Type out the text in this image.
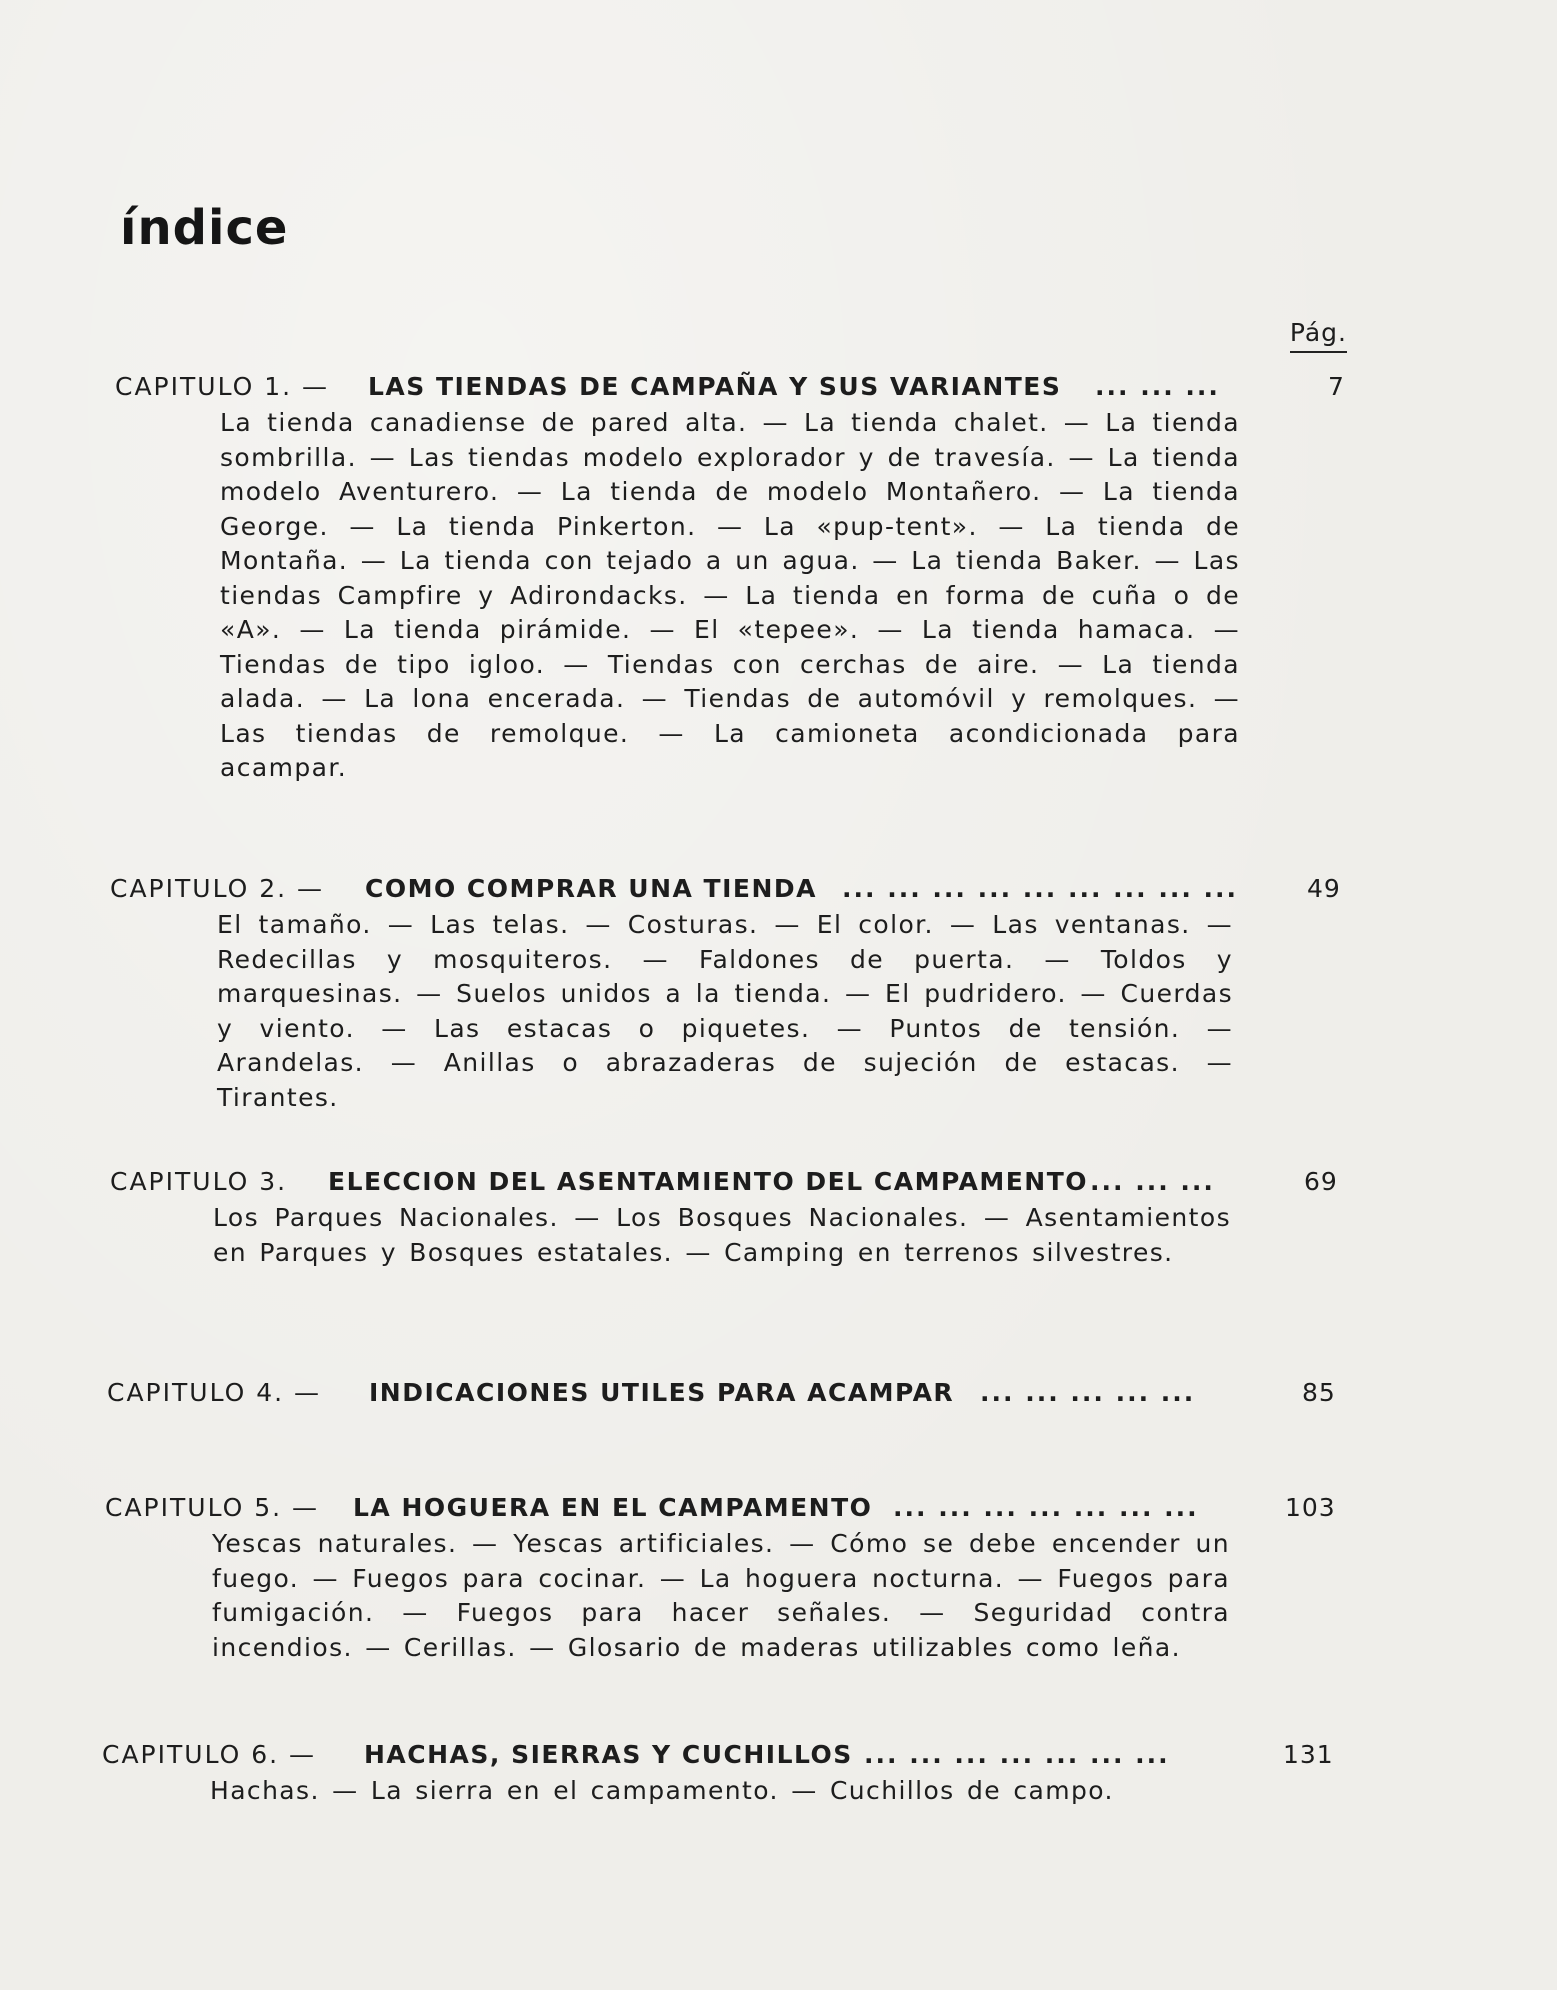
índice
Pág.
CAPITULO 1. — LAS TIENDAS DE CAMPAÑA Y SUS VARIANTES ... ... ...	7
La tienda canadiense de pared alta. — La tienda chalet. — La tienda sombrilla. — Las tiendas modelo explorador y de travesía. — La tienda modelo Aventurero. — La tienda de modelo Montañero. — La tienda George. — La tienda Pinkerton. — La «pup-tent». — La tienda de Montaña. — La tienda con tejado a un agua. — La tienda Baker. — Las tiendas Campfire y Adirondacks. — La tienda en forma de cuña o de «A». — La tienda pirámide. — El «tepee». — La tienda hamaca. — Tiendas de tipo igloo. — Tiendas con cerchas de aire. — La tienda alada. — La lona encerada. — Tiendas de automóvil y remolques. — Las tiendas de remolque. — La camioneta acondicionada para acampar.
CAPITULO 2. — COMO COMPRAR UNA TIENDA ... ... ... ... ... ... ... ... ...	49
El tamaño. — Las telas. — Costuras. — El color. — Las ventanas. — Redecillas y mosquiteros. — Faldones de puerta. — Toldos y marquesinas. — Suelos unidos a la tienda. — El pudridero. — Cuerdas y viento. — Las estacas o piquetes. — Puntos de tensión. — Arandelas. — Anillas o abrazaderas de sujeción de estacas. — Tirantes.
CAPITULO 3. ELECCION DEL ASENTAMIENTO DEL CAMPAMENTO ... ... ...	69
Los Parques Nacionales. — Los Bosques Nacionales. — Asentamientos en Parques y Bosques estatales. — Camping en terrenos silvestres.
CAPITULO 4. — INDICACIONES UTILES PARA ACAMPAR ... ... ... ... ...	85
CAPITULO 5. — LA HOGUERA EN EL CAMPAMENTO ... ... ... ... ... ... ...	103
Yescas naturales. — Yescas artificiales. — Cómo se debe encender un fuego. — Fuegos para cocinar. — La hoguera nocturna. — Fuegos para fumigación. — Fuegos para hacer señales. — Seguridad contra incendios. — Cerillas. — Glosario de maderas utilizables como leña.
CAPITULO 6. — HACHAS, SIERRAS Y CUCHILLOS ... ... ... ... ... ... ...	131
Hachas. — La sierra en el campamento. — Cuchillos de campo.
